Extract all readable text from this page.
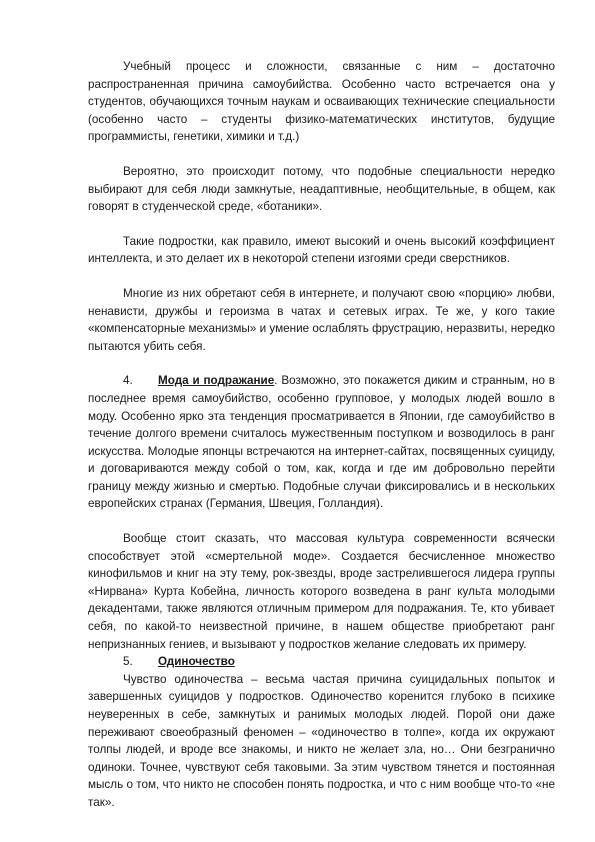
Учебный процесс и сложности, связанные с ним – достаточно распространенная причина самоубийства. Особенно часто встречается она у студентов, обучающихся точным наукам и осваивающих технические специальности (особенно часто – студенты физико-математических институтов, будущие программисты, генетики, химики и т.д.)

Вероятно, это происходит потому, что подобные специальности нередко выбирают для себя люди замкнутые, неадаптивные, необщительные, в общем, как говорят в студенческой среде, «ботаники».

Такие подростки, как правило, имеют высокий и очень высокий коэффициент интеллекта, и это делает их в некоторой степени изгоями среди сверстников.

Многие из них обретают себя в интернете, и получают свою «порцию» любви, ненависти, дружбы и героизма в чатах и сетевых играх. Те же, у кого такие «компенсаторные механизмы» и умение ослаблять фрустрацию, неразвиты, нередко пытаются убить себя.

4. Мода и подражание. Возможно, это покажется диким и странным, но в последнее время самоубийство, особенно групповое, у молодых людей вошло в моду. Особенно ярко эта тенденция просматривается в Японии, где самоубийство в течение долгого времени считалось мужественным поступком и возводилось в ранг искусства. Молодые японцы встречаются на интернет-сайтах, посвященных суициду, и договариваются между собой о том, как, когда и где им добровольно перейти границу между жизнью и смертью. Подобные случаи фиксировались и в нескольких европейских странах (Германия, Швеция, Голландия).

Вообще стоит сказать, что массовая культура современности всячески способствует этой «смертельной моде». Создается бесчисленное множество кинофильмов и книг на эту тему, рок-звезды, вроде застрелившегося лидера группы «Нирвана» Курта Кобейна, личность которого возведена в ранг культа молодыми декадентами, также являются отличным примером для подражания. Те, кто убивает себя, по какой-то неизвестной причине, в нашем обществе приобретают ранг непризнанных гениев, и вызывают у подростков желание следовать их примеру.

5. Одиночество

Чувство одиночества – весьма частая причина суицидальных попыток и завершенных суицидов у подростков. Одиночество коренится глубоко в психике неуверенных в себе, замкнутых и ранимых молодых людей. Порой они даже переживают своеобразный феномен – «одиночество в толпе», когда их окружают толпы людей, и вроде все знакомы, и никто не желает зла, но… Они безгранично одиноки. Точнее, чувствуют себя таковыми. За этим чувством тянется и постоянная мысль о том, что никто не способен понять подростка, и что с ним вообще что-то «не так».
